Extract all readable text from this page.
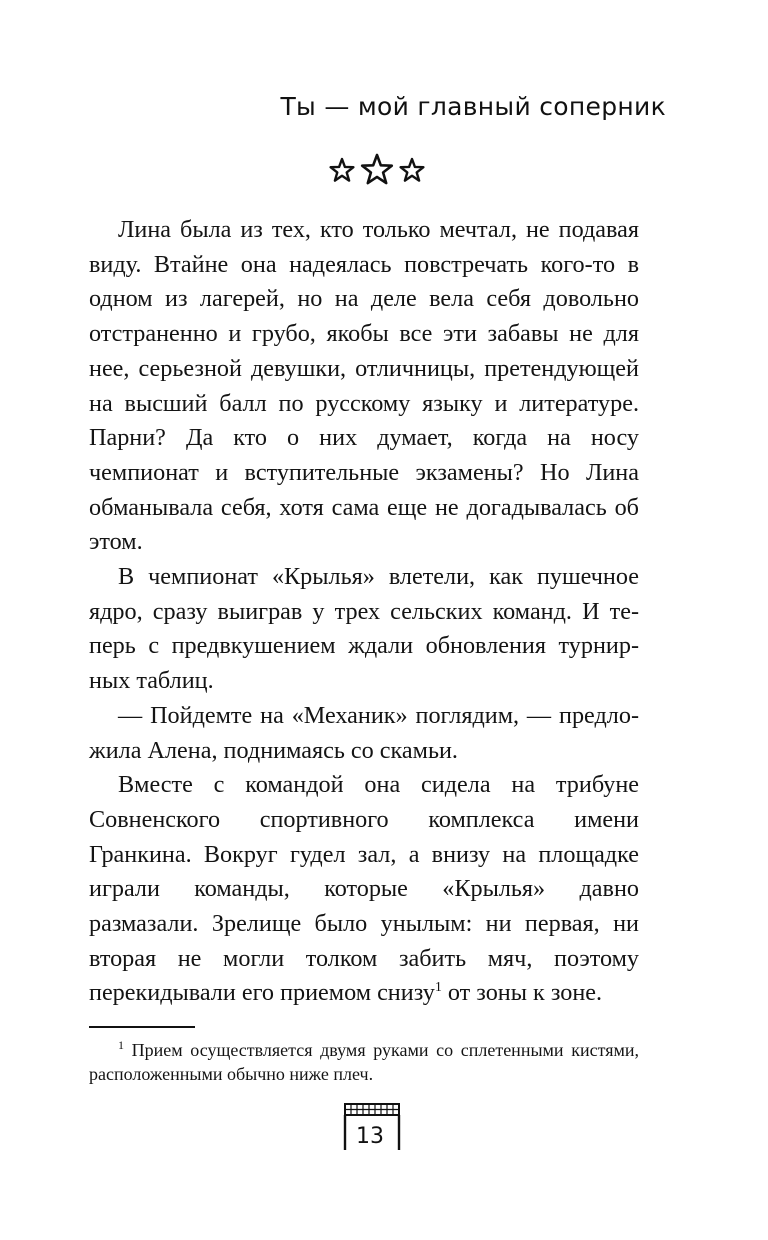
Ты — мой главный соперник

Лина была из тех, кто только мечтал, не подавая виду. Втайне она надеялась повстречать кого-то в одном из лагерей, но на деле вела себя довольно отстраненно и грубо, якобы все эти забавы не для нее, серьезной девушки, отличницы, претендующей на высший балл по русскому языку и литературе. Парни? Да кто о них думает, когда на носу чемпионат и вступительные экзамены? Но Лина обманывала себя, хотя сама еще не догадывалась об этом.

В чемпионат «Крылья» влетели, как пушечное ядро, сразу выиграв у трех сельских команд. И теперь с предвкушением ждали обновления турнирных таблиц.

— Пойдемте на «Механик» поглядим, — предложила Алена, поднимаясь со скамьи.

Вместе с командой она сидела на трибуне Совненского спортивного комплекса имени Гранкина. Вокруг гудел зал, а внизу на площадке играли команды, которые «Крылья» давно размазали. Зрелище было унылым: ни первая, ни вторая не могли толком забить мяч, поэтому перекидывали его приемом снизу$^1$ от зоны к зоне.

$^1$ Прием осуществляется двумя руками со сплетенными кистями, расположенными обычно ниже плеч.

13
